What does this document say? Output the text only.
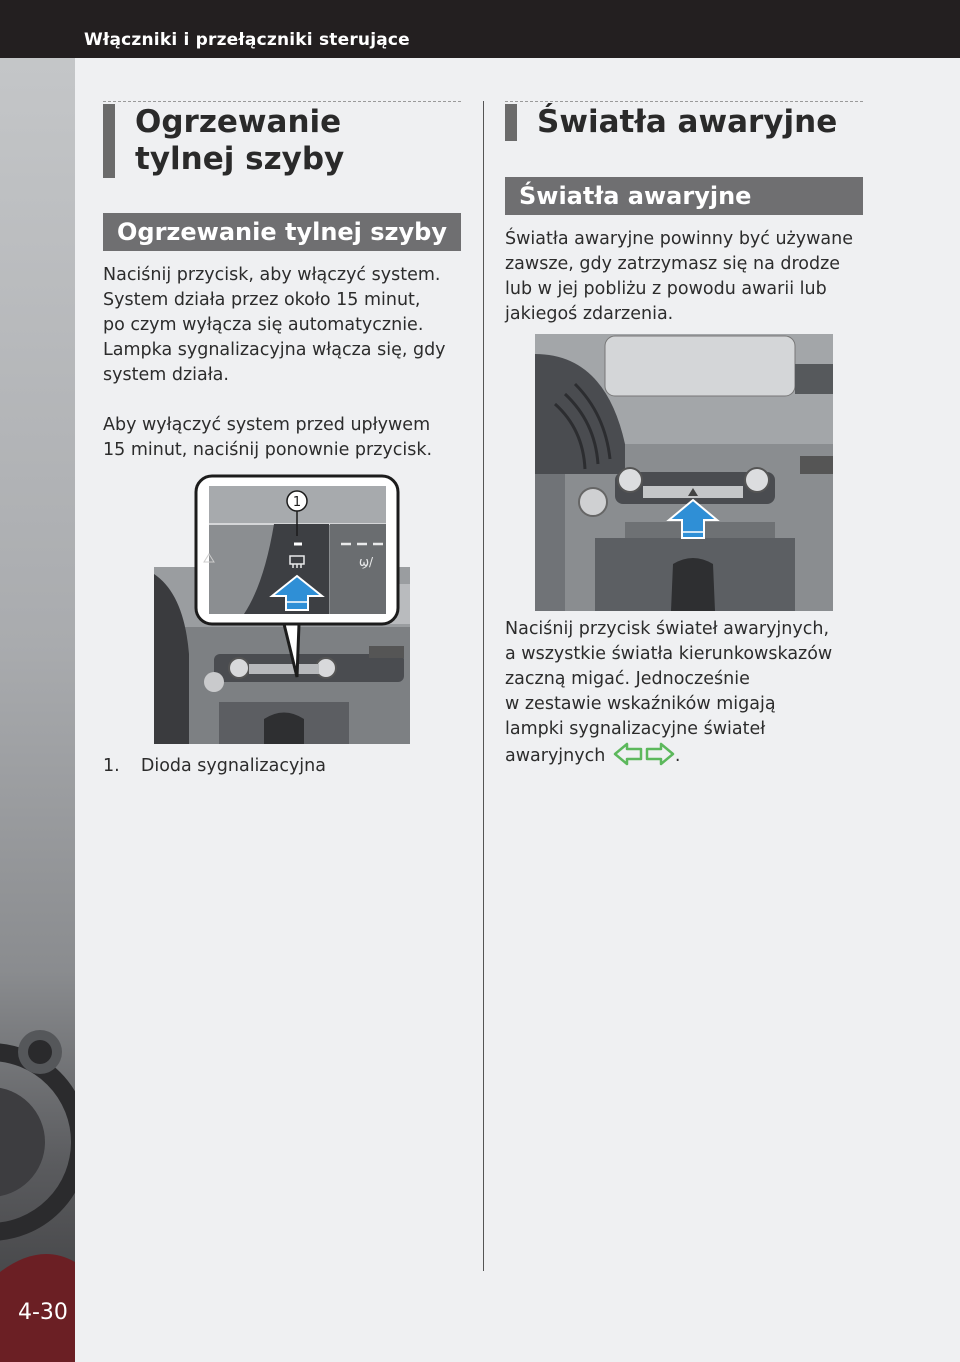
Włączniki i przełączniki sterujące
4-30
Ogrzewanie tylnej szyby
Ogrzewanie tylnej szyby
Naciśnij przycisk, aby włączyć system.
System działa przez około 15 minut,
po czym wyłącza się automatycznie.
Lampka sygnalizacyjna włącza się, gdy
system działa.
Aby wyłączyć system przed upływem
15 minut, naciśnij ponownie przycisk.
ϣ/
1
1. Dioda sygnalizacyjna
Światła awaryjne
Światła awaryjne
Światła awaryjne powinny być używane
zawsze, gdy zatrzymasz się na drodze
lub w jej pobliżu z powodu awarii lub
jakiegoś zdarzenia.
Naciśnij przycisk świateł awaryjnych,
a wszystkie światła kierunkowskazów
zaczną migać. Jednocześnie
w zestawie wskaźników migają
lampki sygnalizacyjne świateł
awaryjnych	.
